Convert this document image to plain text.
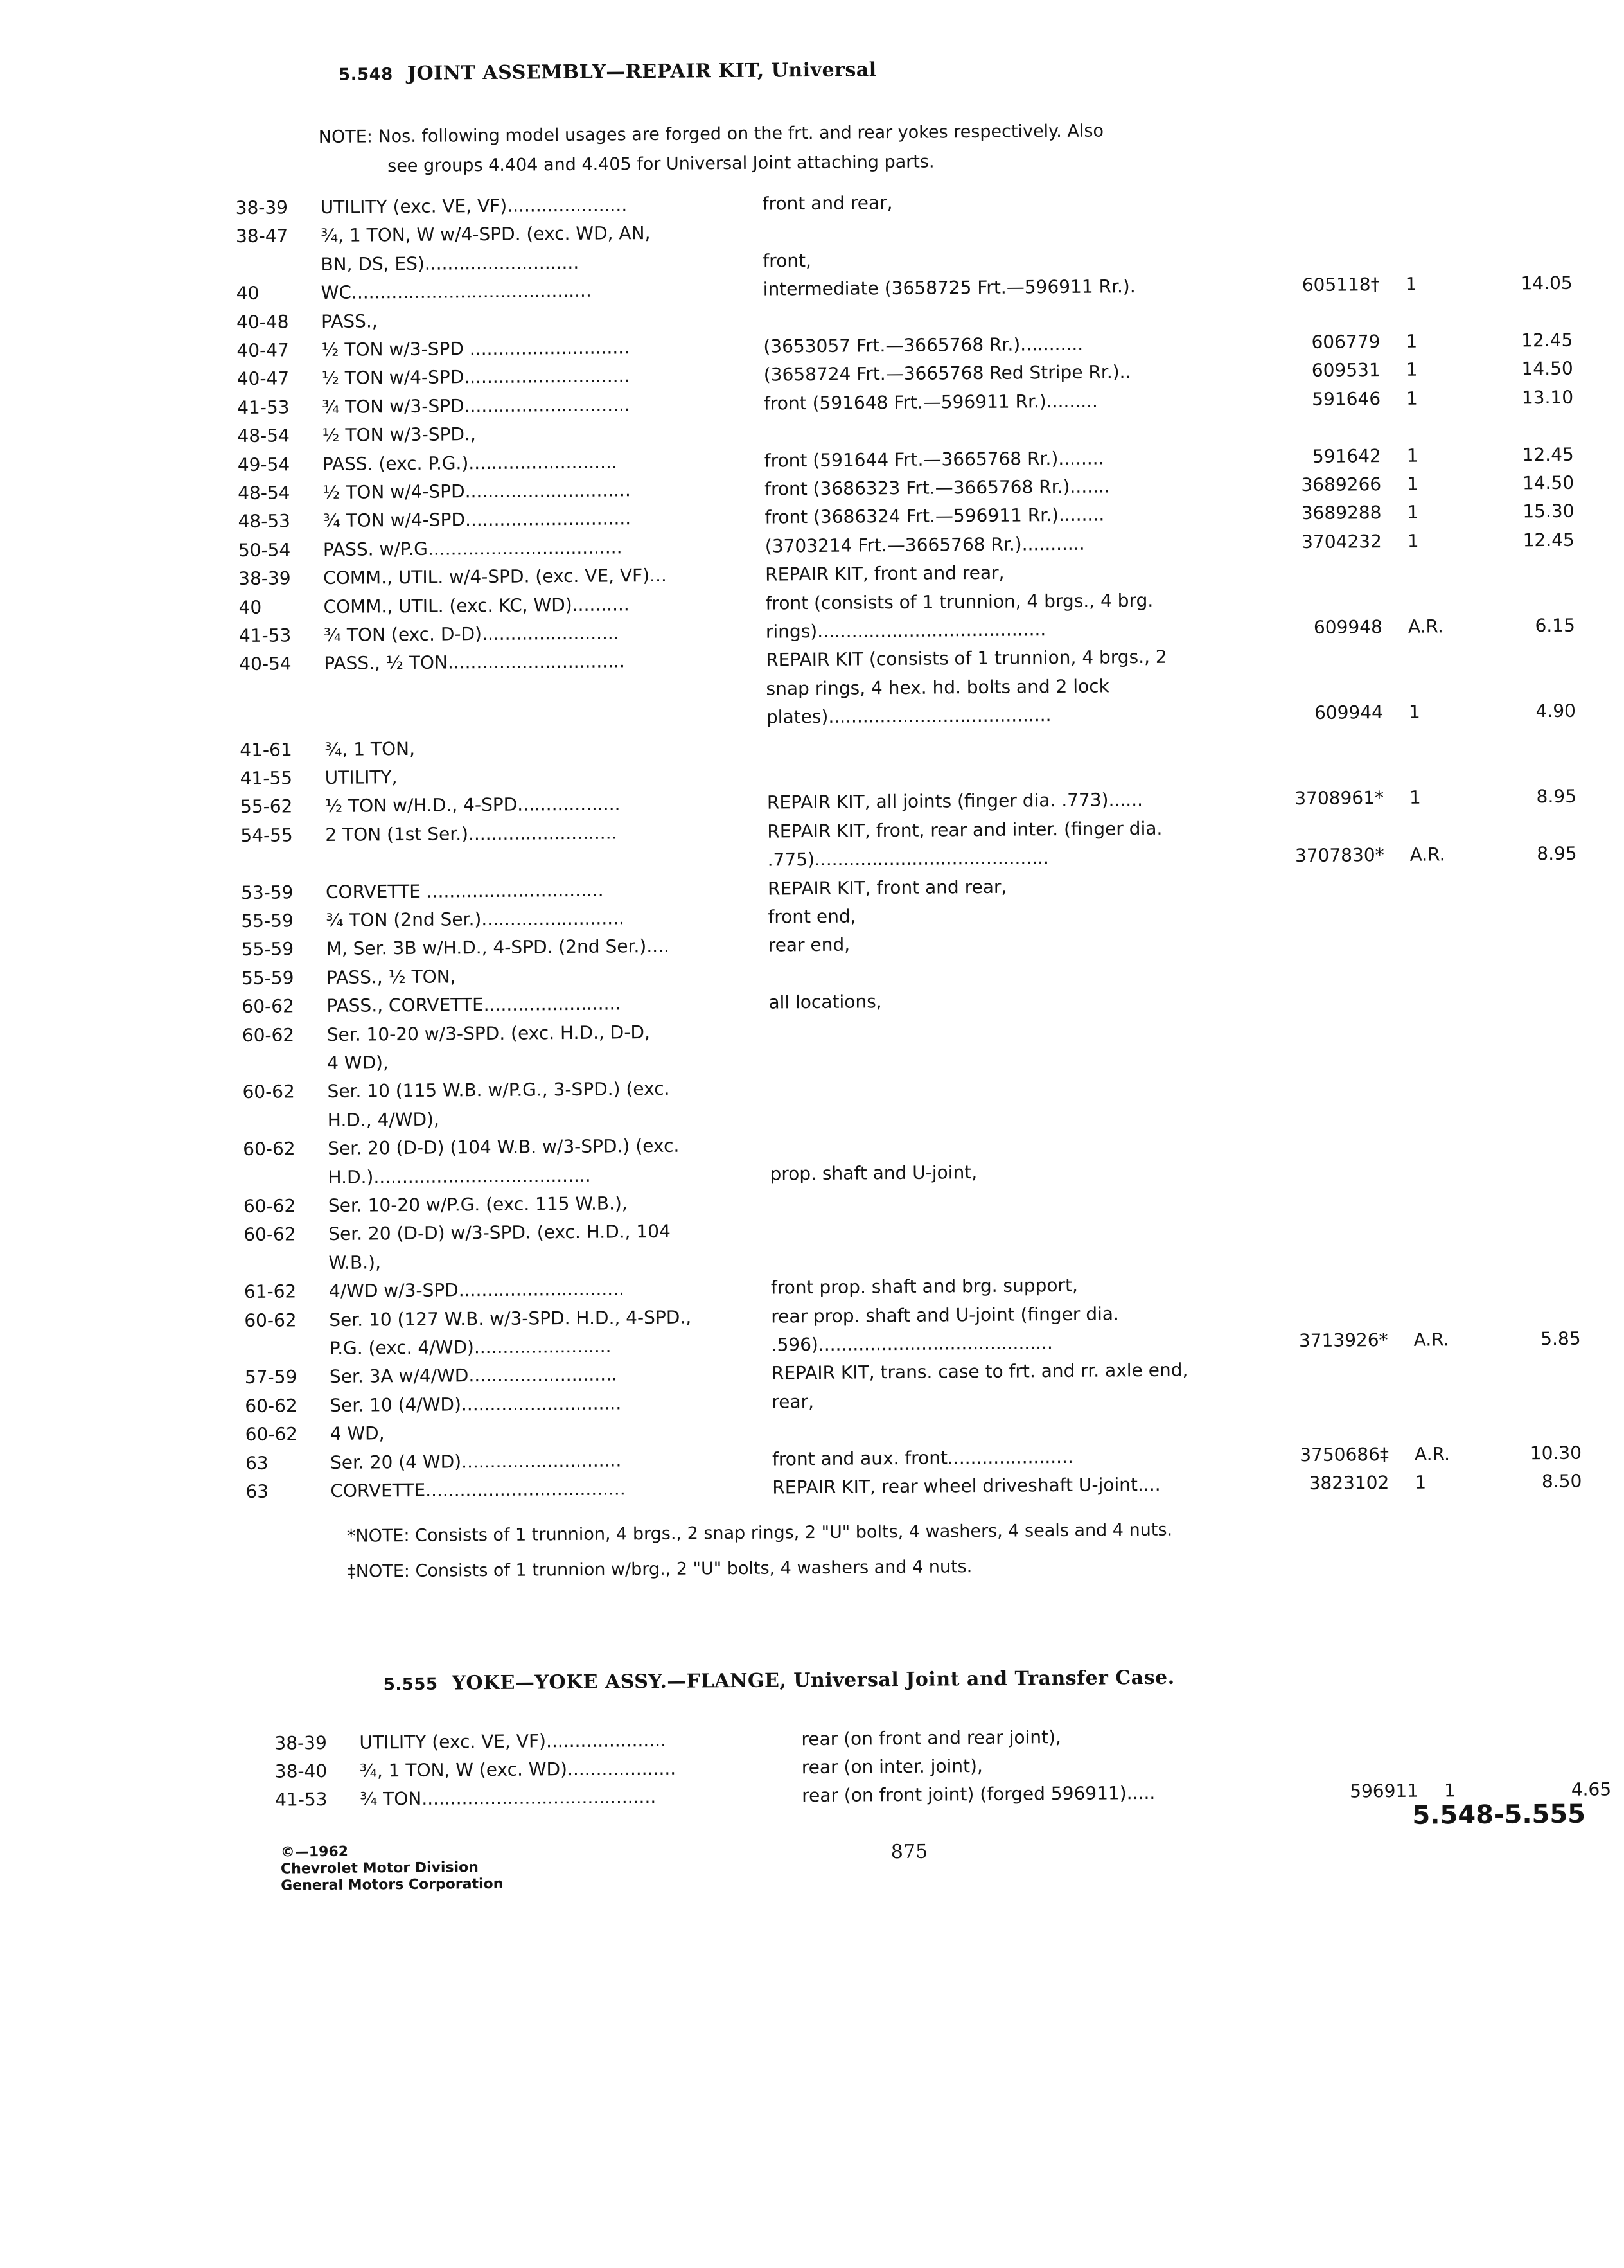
5.548 JOINT ASSEMBLY—REPAIR KIT, Universal
NOTE: Nos. following model usages are forged on the frt. and rear yokes respectively. Also
see groups 4.404 and 4.405 for Universal Joint attaching parts.
38-39	UTILITY (exc. VE, VF).....................	front and rear,
38-47	¾, 1 TON, W w/4-SPD. (exc. WD, AN,
BN, DS, ES)...........................	front,
40	WC..........................................	intermediate (3658725 Frt.—596911 Rr.).	605118† 1	14.05
40-48	PASS.,
40-47	½ TON w/3-SPD ............................	(3653057 Frt.—3665768 Rr.)...........	606779 1	12.45
40-47	½ TON w/4-SPD.............................	(3658724 Frt.—3665768 Red Stripe Rr.)..	609531 1	14.50
41-53	¾ TON w/3-SPD.............................	front (591648 Frt.—596911 Rr.).........	591646 1	13.10
48-54	½ TON w/3-SPD.,
49-54	PASS. (exc. P.G.)..........................	front (591644 Frt.—3665768 Rr.)........	591642 1	12.45
48-54	½ TON w/4-SPD.............................	front (3686323 Frt.—3665768 Rr.).......	3689266 1	14.50
48-53	¾ TON w/4-SPD.............................	front (3686324 Frt.—596911 Rr.)........	3689288 1	15.30
50-54	PASS. w/P.G..................................	(3703214 Frt.—3665768 Rr.)...........	3704232 1	12.45
38-39	COMM., UTIL. w/4-SPD. (exc. VE, VF)...	REPAIR KIT, front and rear,
40	COMM., UTIL. (exc. KC, WD)..........	front (consists of 1 trunnion, 4 brgs., 4 brg.
41-53	¾ TON (exc. D-D)........................	rings)........................................	609948 A.R.	6.15
40-54	PASS., ½ TON...............................	REPAIR KIT (consists of 1 trunnion, 4 brgs., 2
snap rings, 4 hex. hd. bolts and 2 lock
plates).......................................	609944 1	4.90
41-61	¾, 1 TON,
41-55	UTILITY,
55-62	½ TON w/H.D., 4-SPD..................	REPAIR KIT, all joints (finger dia. .773)......	3708961* 1	8.95
54-55	2 TON (1st Ser.)..........................	REPAIR KIT, front, rear and inter. (finger dia.
.775).........................................	3707830* A.R.	8.95
53-59	CORVETTE ...............................	REPAIR KIT, front and rear,
55-59	¾ TON (2nd Ser.).........................	front end,
55-59	M, Ser. 3B w/H.D., 4-SPD. (2nd Ser.)....	rear end,
55-59	PASS., ½ TON,
60-62	PASS., CORVETTE........................	all locations,
60-62	Ser. 10-20 w/3-SPD. (exc. H.D., D-D,
4 WD),
60-62	Ser. 10 (115 W.B. w/P.G., 3-SPD.) (exc.
H.D., 4/WD),
60-62	Ser. 20 (D-D) (104 W.B. w/3-SPD.) (exc.
H.D.)......................................	prop. shaft and U-joint,
60-62	Ser. 10-20 w/P.G. (exc. 115 W.B.),
60-62	Ser. 20 (D-D) w/3-SPD. (exc. H.D., 104
W.B.),
61-62	4/WD w/3-SPD.............................	front prop. shaft and brg. support,
60-62	Ser. 10 (127 W.B. w/3-SPD. H.D., 4-SPD.,	rear prop. shaft and U-joint (finger dia.
P.G. (exc. 4/WD)........................	.596).........................................	3713926* A.R.	5.85
57-59	Ser. 3A w/4/WD..........................	REPAIR KIT, trans. case to frt. and rr. axle end,
60-62	Ser. 10 (4/WD)............................	rear,
60-62	4 WD,
63	Ser. 20 (4 WD)............................	front and aux. front......................	3750686‡ A.R.	10.30
63	CORVETTE...................................	REPAIR KIT, rear wheel driveshaft U-joint....	3823102 1	8.50
*NOTE: Consists of 1 trunnion, 4 brgs., 2 snap rings, 2 "U" bolts, 4 washers, 4 seals and 4 nuts.
‡NOTE: Consists of 1 trunnion w/brg., 2 "U" bolts, 4 washers and 4 nuts.
5.555 YOKE—YOKE ASSY.—FLANGE, Universal Joint and Transfer Case.
38-39	UTILITY (exc. VE, VF).....................	rear (on front and rear joint),
38-40	¾, 1 TON, W (exc. WD)...................	rear (on inter. joint),
41-53	¾ TON.........................................	rear (on front joint) (forged 596911).....	596911 1	4.65
©—1962
Chevrolet Motor Division
General Motors Corporation
875
5.548-5.555
